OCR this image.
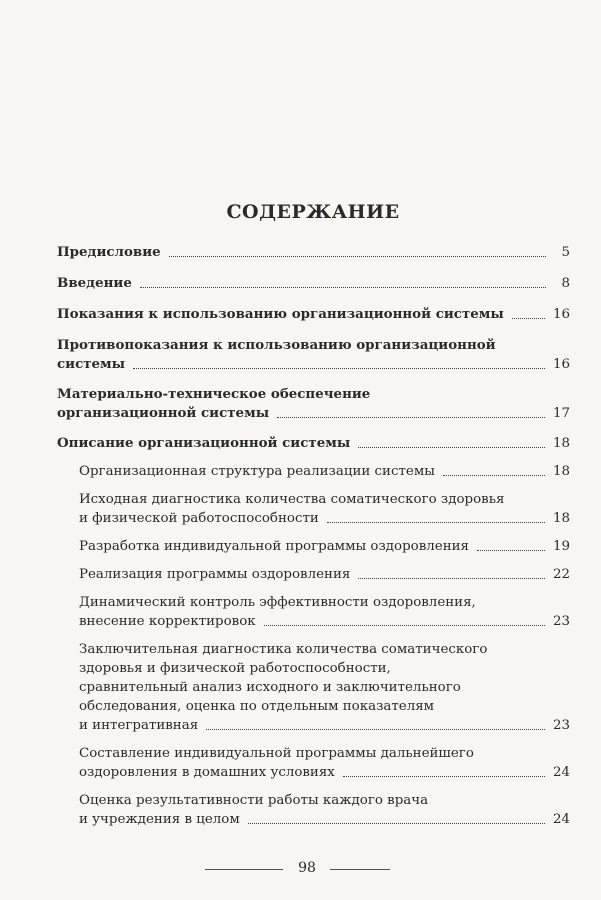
СОДЕРЖАНИЕ
Предисловие	5
Введение	8
Показания к использованию организационной системы	16
Противопоказания к использованию организационной
системы	16
Материально-техническое обеспечение
организационной системы	17
Описание организационной системы	18
Организационная структура реализации системы	18
Исходная диагностика количества соматического здоровья
и физической работоспособности	18
Разработка индивидуальной программы оздоровления	19
Реализация программы оздоровления	22
Динамический контроль эффективности оздоровления,
внесение корректировок	23
Заключительная диагностика количества соматического
здоровья и физической работоспособности,
сравнительный анализ исходного и заключительного
обследования, оценка по отдельным показателям
и интегративная	23
Составление индивидуальной программы дальнейшего
оздоровления в домашних условиях	24
Оценка результативности работы каждого врача
и учреждения в целом	24
98
